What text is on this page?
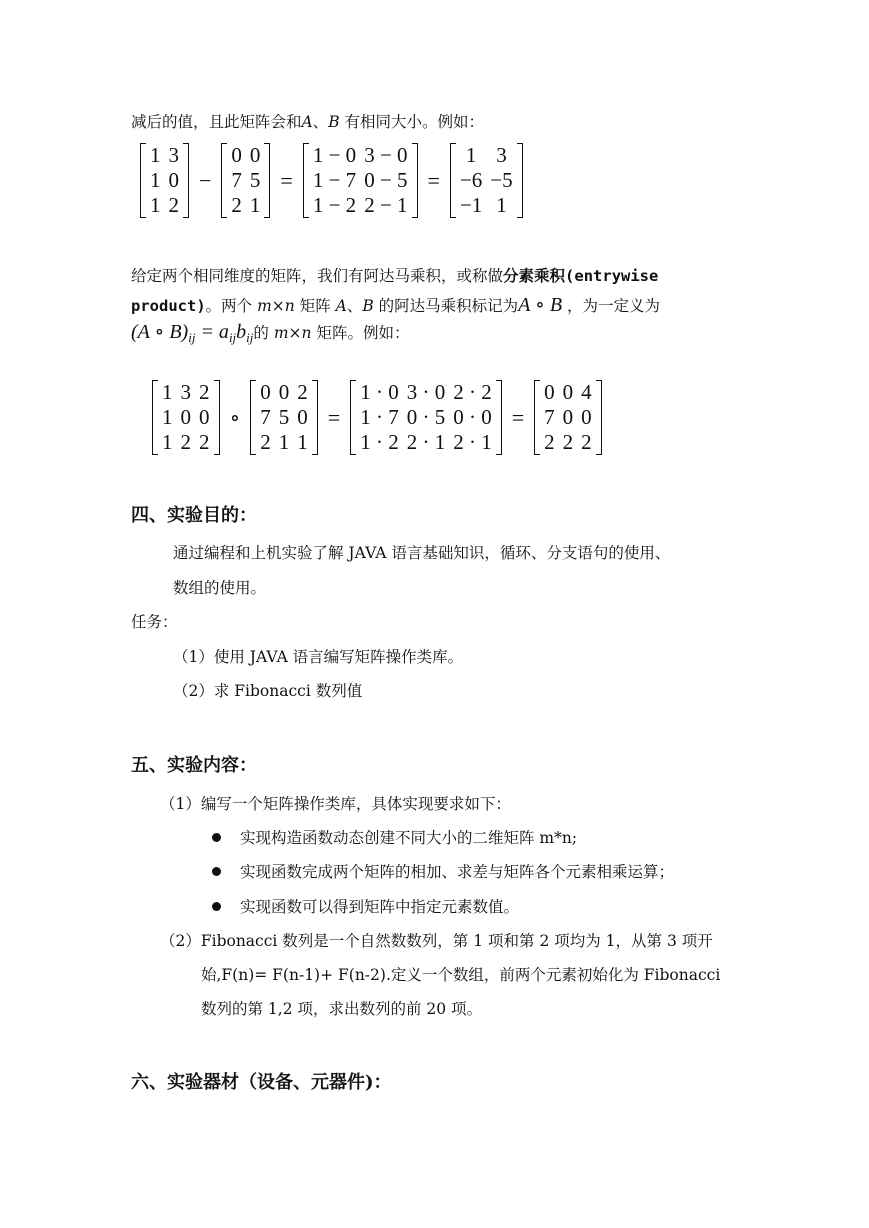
减后的值，且此矩阵会和A、B 有相同大小。例如：
1 3
1 0
1 2
−
0 0
7 5
2 1
=
1 − 0 3 − 0
1 − 7 0 − 5
1 − 2 2 − 1
=
1 3
−6 −5
−1 1
给定两个相同维度的矩阵，我们有阿达马乘积，或称做分素乘积(entrywise
product)。两个 m×n 矩阵 A、B 的阿达马乘积标记为A ∘ B ，为一定义为
(A ∘ $B)_{ij} = a_{ij}b_{ij}$的 m×n 矩阵。例如：
1 3 2
1 0 0
1 2 2
∘
0 0 2
7 5 0
2 1 1
=
1 · 0 3 · 0 2 · 2
1 · 7 0 · 5 0 · 0
1 · 2 2 · 1 2 · 1
=
0 0 4
7 0 0
2 2 2
四、实验目的：
通过编程和上机实验了解 JAVA 语言基础知识，循环、分支语句的使用、
数组的使用。
任务：
（1）使用 JAVA 语言编写矩阵操作类库。
（2）求 Fibonacci 数列值
五、实验内容：
（1）编写一个矩阵操作类库，具体实现要求如下：
实现构造函数动态创建不同大小的二维矩阵 m*n;
实现函数完成两个矩阵的相加、求差与矩阵各个元素相乘运算；
实现函数可以得到矩阵中指定元素数值。
（2）Fibonacci 数列是一个自然数数列，第 1 项和第 2 项均为 1，从第 3 项开
始,F(n)= F(n-1)+ F(n-2).定义一个数组，前两个元素初始化为 Fibonacci
数列的第 1,2 项，求出数列的前 20 项。
六、实验器材（设备、元器件)：
